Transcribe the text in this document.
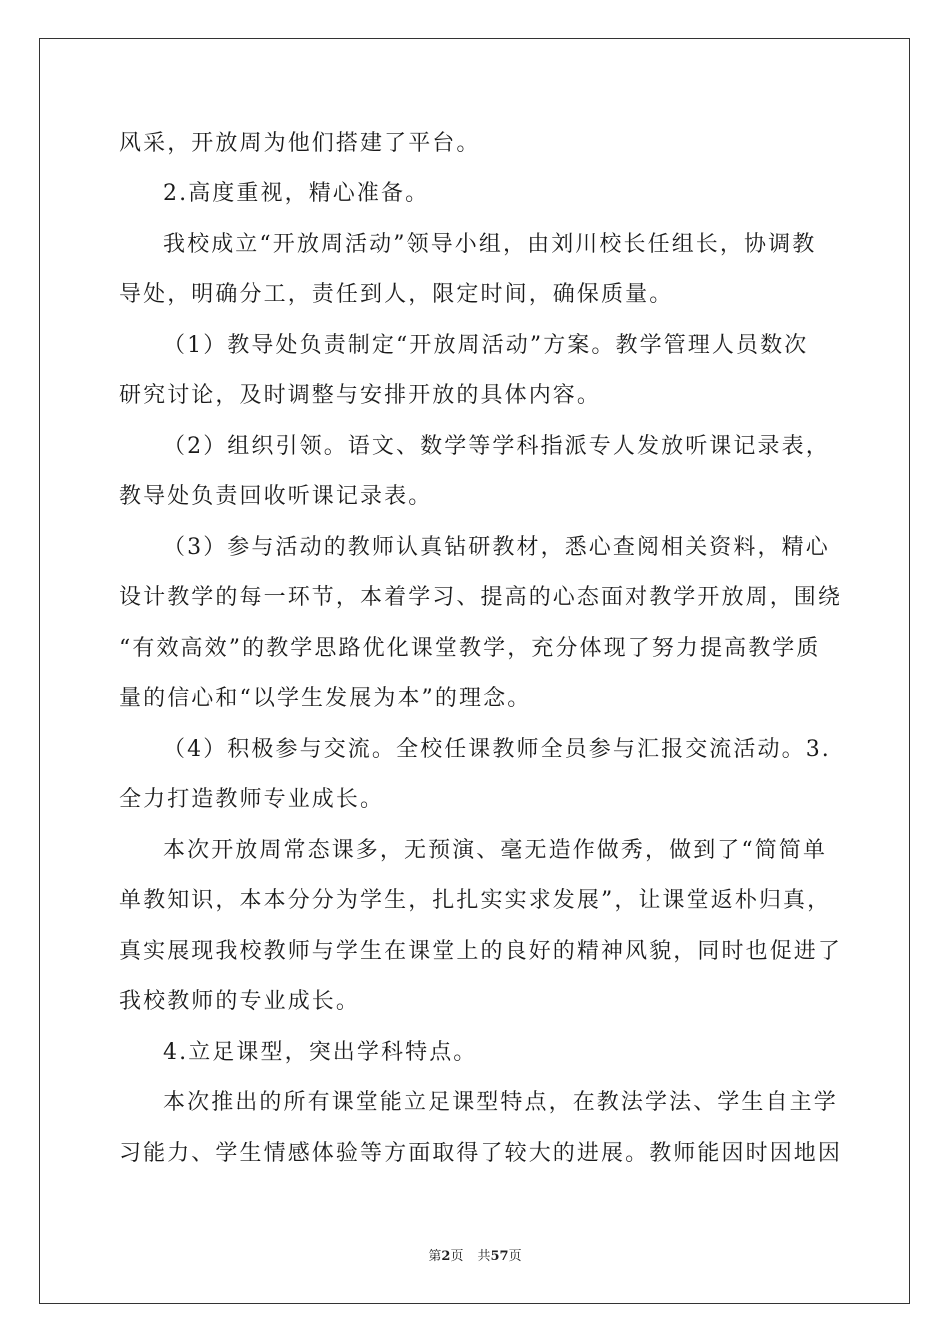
风采，开放周为他们搭建了平台。
2.高度重视，精心准备。
我校成立“开放周活动”领导小组，由刘川校长任组长，协调教
导处，明确分工，责任到人，限定时间，确保质量。
（1）教导处负责制定“开放周活动”方案。教学管理人员数次
研究讨论，及时调整与安排开放的具体内容。
（2）组织引领。语文、数学等学科指派专人发放听课记录表，
教导处负责回收听课记录表。
（3）参与活动的教师认真钻研教材，悉心查阅相关资料，精心
设计教学的每一环节，本着学习、提高的心态面对教学开放周，围绕
“有效高效”的教学思路优化课堂教学，充分体现了努力提高教学质
量的信心和“以学生发展为本”的理念。
（4）积极参与交流。全校任课教师全员参与汇报交流活动。3.
全力打造教师专业成长。
本次开放周常态课多，无预演、毫无造作做秀，做到了“简简单
单教知识，本本分分为学生，扎扎实实求发展”，让课堂返朴归真，
真实展现我校教师与学生在课堂上的良好的精神风貌，同时也促进了
我校教师的专业成长。
4.立足课型，突出学科特点。
本次推出的所有课堂能立足课型特点，在教法学法、学生自主学
习能力、学生情感体验等方面取得了较大的进展。教师能因时因地因
第2页 共57页
